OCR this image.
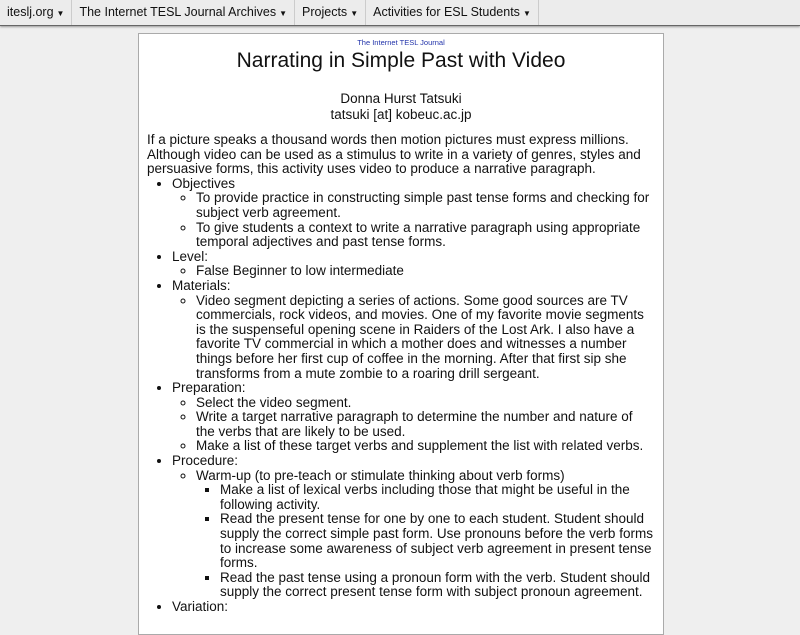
iteslj.org ▼	The Internet TESL Journal Archives ▼	Projects ▼	Activities for ESL Students ▼
The Internet TESL Journal
Narrating in Simple Past with Video
Donna Hurst Tatsuki
tatsuki [at] kobeuc.ac.jp

If a picture speaks a thousand words then motion pictures must express millions. Although video can be used as a stimulus to write in a variety of genres, styles and persuasive forms, this activity uses video to produce a narrative paragraph.

• Objectives
◦ To provide practice in constructing simple past tense forms and checking for subject verb agreement.
◦ To give students a context to write a narrative paragraph using appropriate temporal adjectives and past tense forms.
• Level:
◦ False Beginner to low intermediate
• Materials:
◦ Video segment depicting a series of actions. Some good sources are TV commercials, rock videos, and movies. One of my favorite movie segments is the suspenseful opening scene in Raiders of the Lost Ark. I also have a favorite TV commercial in which a mother does and witnesses a number things before her first cup of coffee in the morning. After that first sip she transforms from a mute zombie to a roaring drill sergeant.
• Preparation:
◦ Select the video segment.
◦ Write a target narrative paragraph to determine the number and nature of the verbs that are likely to be used.
◦ Make a list of these target verbs and supplement the list with related verbs.
• Procedure:
◦ Warm-up (to pre-teach or stimulate thinking about verb forms)
▪ Make a list of lexical verbs including those that might be useful in the following activity.
▪ Read the present tense for one by one to each student. Student should supply the correct simple past form. Use pronouns before the verb forms to increase some awareness of subject verb agreement in present tense forms.
▪ Read the past tense using a pronoun form with the verb. Student should supply the correct present tense form with subject pronoun agreement.
• Variation:
